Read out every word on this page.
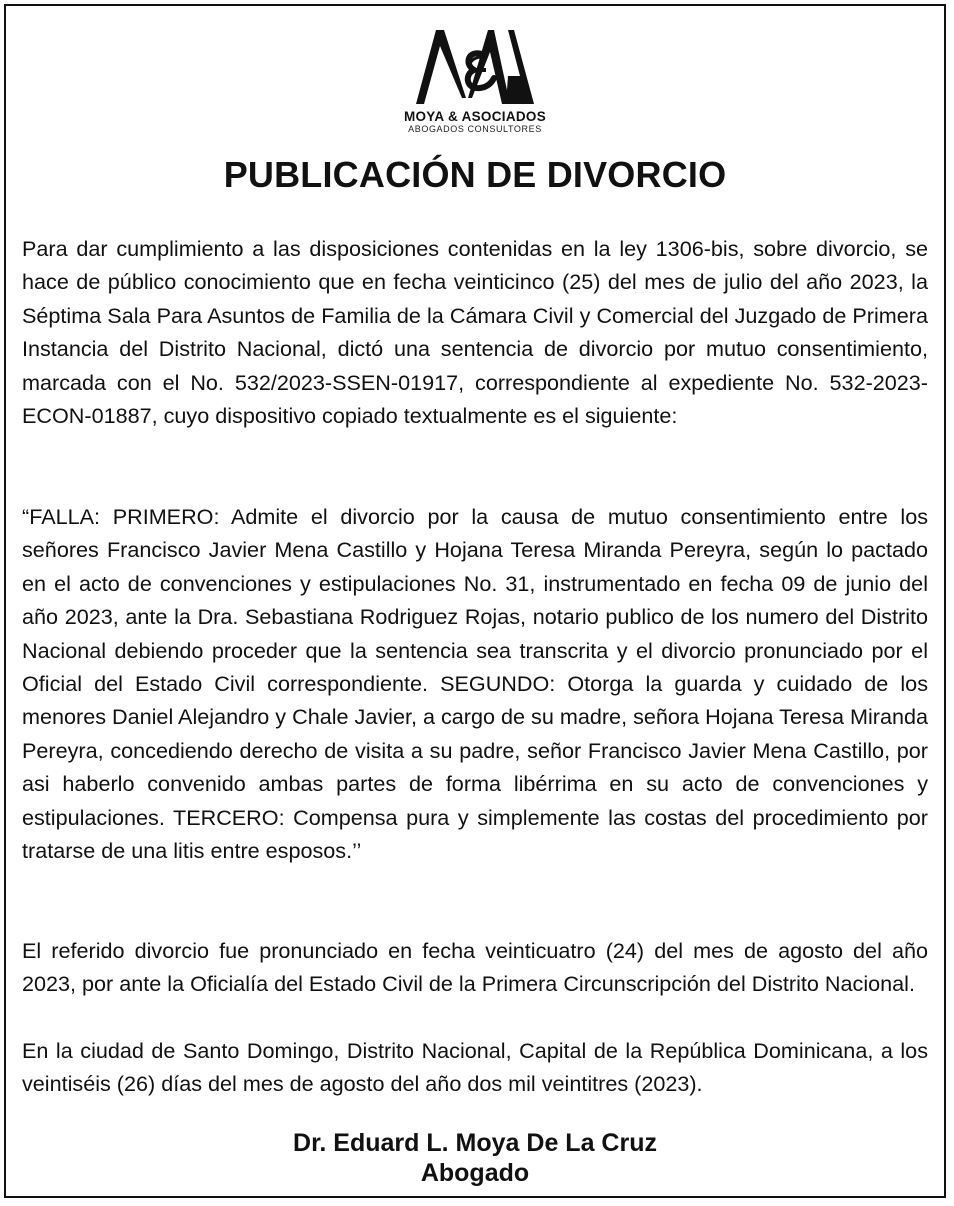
MOYA & ASOCIADOS
ABOGADOS CONSULTORES
PUBLICACIÓN DE DIVORCIO
Para dar cumplimiento a las disposiciones contenidas en la ley 1306-bis, sobre divorcio, se hace de público conocimiento que en fecha veinticinco (25) del mes de julio del año 2023, la Séptima Sala Para Asuntos de Familia de la Cámara Civil y Comercial del Juzgado de Primera Instancia del Distrito Nacional, dictó una sentencia de divorcio por mutuo consentimiento, marcada con el No. 532/2023-SSEN-01917, correspondiente al expediente No. 532-2023-ECON-01887, cuyo dispositivo copiado textualmente es el siguiente:
“FALLA: PRIMERO: Admite el divorcio por la causa de mutuo consentimiento entre los señores Francisco Javier Mena Castillo y Hojana Teresa Miranda Pereyra, según lo pactado en el acto de convenciones y estipulaciones No. 31, instrumentado en fecha 09 de junio del año 2023, ante la Dra. Sebastiana Rodriguez Rojas, notario publico de los numero del Distrito Nacional debiendo proceder que la sentencia sea transcrita y el divorcio pronunciado por el Oficial del Estado Civil correspondiente. SEGUNDO: Otorga la guarda y cuidado de los menores Daniel Alejandro y Chale Javier, a cargo de su madre, señora Hojana Teresa Miranda Pereyra, concediendo derecho de visita a su padre, señor Francisco Javier Mena Castillo, por asi haberlo convenido ambas partes de forma libérrima en su acto de convenciones y estipulaciones. TERCERO: Compensa pura y simplemente las costas del procedimiento por tratarse de una litis entre esposos.’’
El referido divorcio fue pronunciado en fecha veinticuatro (24) del mes de agosto del año 2023, por ante la Oficialía del Estado Civil de la Primera Circunscripción del Distrito Nacional.
En la ciudad de Santo Domingo, Distrito Nacional, Capital de la República Dominicana, a los veintiséis (26) días del mes de agosto del año dos mil veintitres (2023).
Dr. Eduard L. Moya De La Cruz
Abogado
